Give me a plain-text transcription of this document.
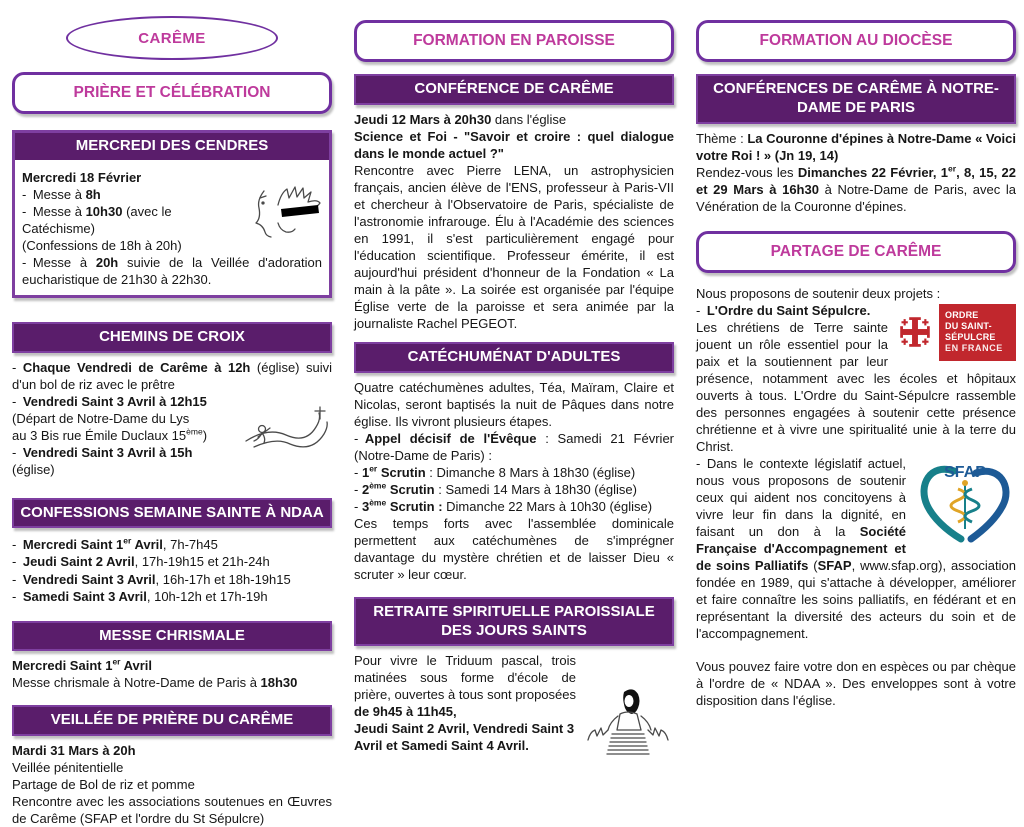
CARÊME
PRIÈRE ET CÉLÉBRATION
MERCREDI DES CENDRES

Mercredi 18 Février

- Messe à 8h

- Messe à 10h30 (avec le Catéchisme)

(Confessions de 18h à 20h)

- Messe à 20h suivie de la Veillée d'adoration eucharistique de 21h30 à 22h30.

CHEMINS DE CROIX

- Chaque Vendredi de Carême à 12h (église) suivi d'un bol de riz avec le prêtre

- Vendredi Saint 3 Avril à 12h15

(Départ de Notre-Dame du Lys

au 3 Bis rue Émile Duclaux 15ème)

- Vendredi Saint 3 Avril à 15h (église)

CONFESSIONS SEMAINE SAINTE À NDAA

- Mercredi Saint 1er Avril, 7h-7h45

- Jeudi Saint 2 Avril, 17h-19h15 et 21h-24h

- Vendredi Saint 3 Avril, 16h-17h et 18h-19h15

- Samedi Saint 3 Avril, 10h-12h et 17h-19h

MESSE CHRISMALE

Mercredi Saint 1er Avril

Messe chrismale à Notre-Dame de Paris à 18h30

VEILLÉE DE PRIÈRE DU CARÊME

Mardi 31 Mars à 20h

Veillée pénitentielle

Partage de Bol de riz et pomme

Rencontre avec les associations soutenues en Œuvres de Carême (SFAP et l'ordre du St Sépulcre)

FORMATION EN PAROISSE
CONFÉRENCE DE CARÊME

Jeudi 12 Mars à 20h30 dans l'église

Science et Foi - "Savoir et croire : quel dialogue dans le monde actuel ?"

Rencontre avec Pierre LENA, un astrophysicien français, ancien élève de l'ENS, professeur à Paris-VII et chercheur à l'Observatoire de Paris, spécialiste de l'astronomie infrarouge. Élu à l'Académie des sciences en 1991, il s'est particulièrement engagé pour l'éducation scientifique. Professeur émérite, il est aujourd'hui président d'honneur de la Fondation « La main à la pâte ». La soirée est organisée par l'équipe Église verte de la paroisse et sera animée par la journaliste Rachel PEGEOT.

CATÉCHUMÉNAT D'ADULTES

Quatre catéchumènes adultes, Téa, Maïram, Claire et Nicolas, seront baptisés la nuit de Pâques dans notre église. Ils vivront plusieurs étapes.

- Appel décisif de l'Évêque : Samedi 21 Février (Notre-Dame de Paris) :

- 1er Scrutin : Dimanche 8 Mars à 18h30 (église)

- 2ème Scrutin : Samedi 14 Mars à 18h30 (église)

- 3ème Scrutin : Dimanche 22 Mars à 10h30 (église)

Ces temps forts avec l'assemblée dominicale permettent aux catéchumènes de s'imprégner davantage du mystère chrétien et de laisser Dieu « scruter » leur cœur.

RETRAITE SPIRITUELLE PAROISSIALE DES JOURS SAINTS

Pour vivre le Triduum pascal, trois matinées sous forme d'école de prière, ouvertes à tous sont proposées de 9h45 à 11h45,

Jeudi Saint 2 Avril, Vendredi Saint 3 Avril et Samedi Saint 4 Avril.

FORMATION AU DIOCÈSE
CONFÉRENCES DE CARÊME À NOTRE-DAME DE PARIS

Thème : La Couronne d'épines à Notre-Dame « Voici votre Roi ! » (Jn 19, 14)

Rendez-vous les Dimanches 22 Février, 1er, 8, 15, 22 et 29 Mars à 16h30 à Notre-Dame de Paris, avec la Vénération de la Couronne d'épines.

PARTAGE DE CARÊME

Nous proposons de soutenir deux projets :

ORDRE
DU SAINT-
SÉPULCRE
EN FRANCE

- L'Ordre du Saint Sépulcre.

Les chrétiens de Terre sainte jouent un rôle essentiel pour la paix et la soutiennent par leur présence, notamment avec les écoles et hôpitaux ouverts à tous. L'Ordre du Saint-Sépulcre rassemble des personnes engagées à soutenir cette présence chrétienne et à vivre une spiritualité unie à la terre du Christ.

SFAP

- Dans le contexte législatif actuel, nous vous proposons de soutenir ceux qui aident nos concitoyens à vivre leur fin dans la dignité, en faisant un don à la Société Française d'Accompagnement et de soins Palliatifs (SFAP, www.sfap.org), association fondée en 1989, qui s'attache à développer, améliorer et faire connaître les soins palliatifs, en fédérant et en représentant la diversité des acteurs du soin et de l'accompagnement.

Vous pouvez faire votre don en espèces ou par chèque à l'ordre de « NDAA ». Des enveloppes sont à votre disposition dans l'église.
